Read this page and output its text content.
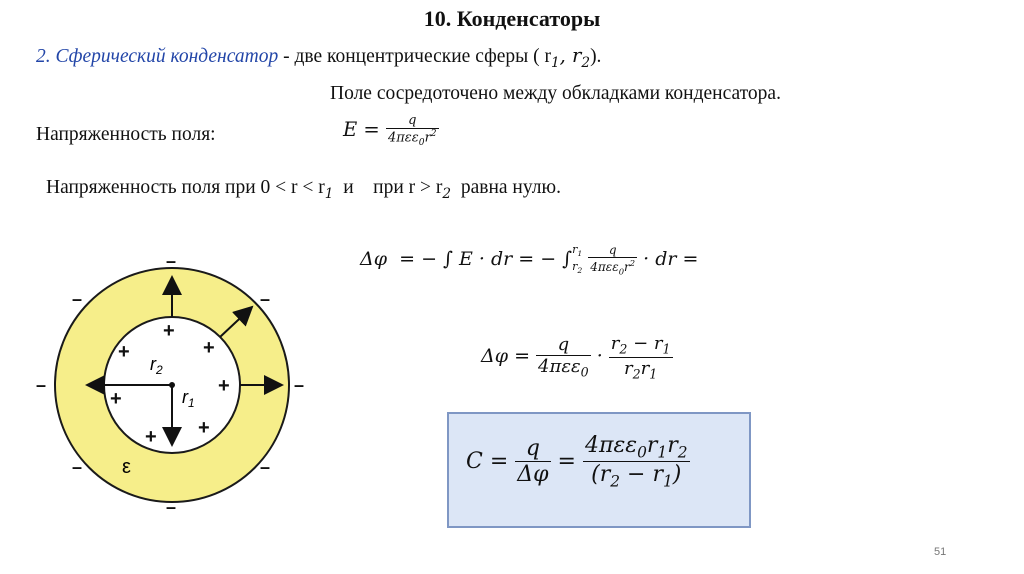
10. Конденсаторы
2. Сферический конденсатор - две концентрические сферы ( $r_1$, $r_2$).
Поле сосредоточено между обкладками конденсатора.
Напряженность поля:	$E = \frac{q}{4\pi\varepsilon\varepsilon_0r^2}$
Напряженность поля при $0 < r < r_1$ и при $r > r_2$ равна нулю.
Δφ  = − ∫ E · dr = − ∫ $r_1$
$r_2$
$\frac{q}{4\pi\varepsilon\varepsilon_0r^2}$ · dr =
$\Delta\varphi = \frac{q}{4\pi\varepsilon\varepsilon_0} \cdot \frac{r_2 - r_1}{r_2r_1}$
$C = \frac{q}{\Delta\varphi} = \frac{4\pi\varepsilon\varepsilon_0r_1r_2}{(r_2 - r_1)}$
$r_2$
$r_1$
ε
+
+	+
+
+
+ +
–
–	–
–	–
–	–
–
51
